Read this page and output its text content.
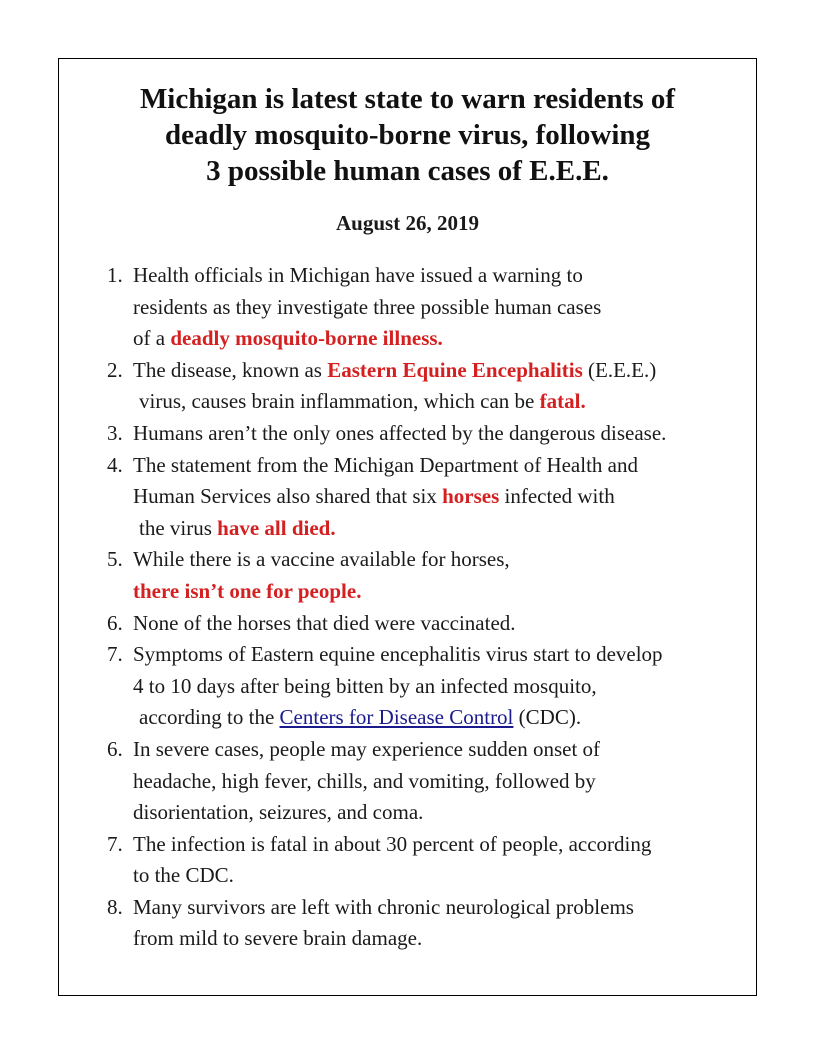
Michigan is latest state to warn residents of
deadly mosquito-borne virus, following
3 possible human cases of E.E.E.

August 26, 2019

1. Health officials in Michigan have issued a warning to
residents as they investigate three possible human cases
of a deadly mosquito-borne illness.
2. The disease, known as Eastern Equine Encephalitis (E.E.E.)
virus, causes brain inflammation, which can be fatal.
3. Humans aren’t the only ones affected by the dangerous disease.
4. The statement from the Michigan Department of Health and
Human Services also shared that six horses infected with
the virus have all died.
5. While there is a vaccine available for horses,
there isn’t one for people.
6. None of the horses that died were vaccinated.
7. Symptoms of Eastern equine encephalitis virus start to develop
4 to 10 days after being bitten by an infected mosquito,
according to the Centers for Disease Control (CDC).
6. In severe cases, people may experience sudden onset of
headache, high fever, chills, and vomiting, followed by
disorientation, seizures, and coma.
7. The infection is fatal in about 30 percent of people, according
to the CDC.
8. Many survivors are left with chronic neurological problems
from mild to severe brain damage.
